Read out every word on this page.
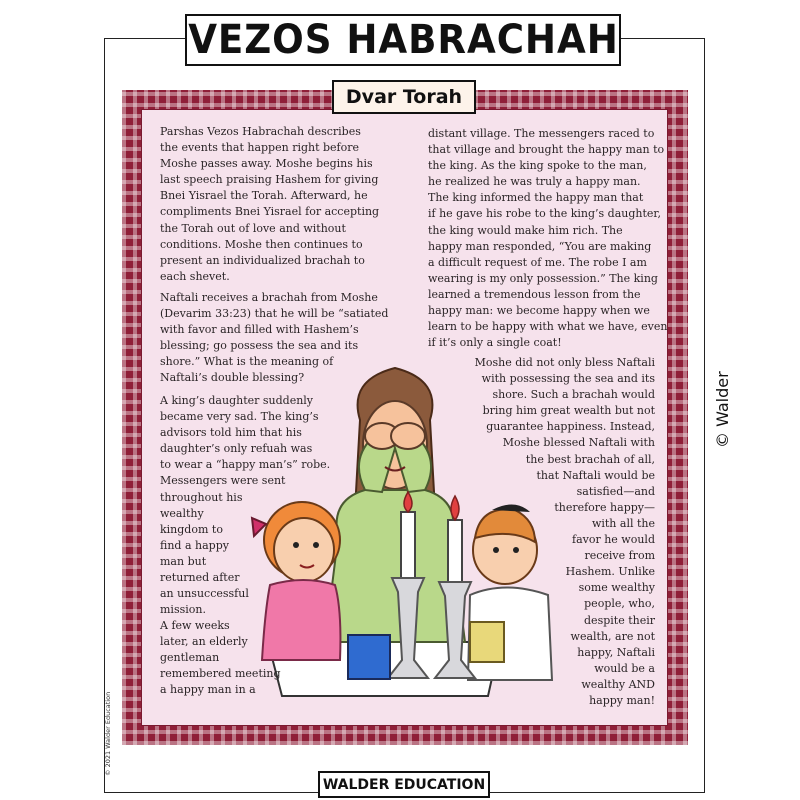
VEZOS HABRACHAH
Dvar Torah
Parshas Vezos Habrachah describes
the events that happen right before
Moshe passes away. Moshe begins his
last speech praising Hashem for giving
Bnei Yisrael the Torah. Afterward, he
compliments Bnei Yisrael for accepting
the Torah out of love and without
conditions. Moshe then continues to
present an individualized brachah to
each shevet.
Naftali receives a brachah from Moshe
(Devarim 33:23) that he will be “satiated
with favor and filled with Hashem’s
blessing; go possess the sea and its
shore.” What is the meaning of
Naftali’s double blessing?
A king’s daughter suddenly
became very sad. The king’s
advisors told him that his
daughter’s only refuah was
to wear a “happy man’s” robe.
Messengers were sent
throughout his
wealthy
kingdom to
find a happy
man but
returned after
an unsuccessful
mission.
A few weeks
later, an elderly
gentleman
remembered meeting
a happy man in a
distant village. The messengers raced to
that village and brought the happy man to
the king. As the king spoke to the man,
he realized he was truly a happy man.
The king informed the happy man that
if he gave his robe to the king’s daughter,
the king would make him rich. The
happy man responded, “You are making
a difficult request of me. The robe I am
wearing is my only possession.” The king
learned a tremendous lesson from the
happy man: we become happy when we
learn to be happy with what we have, even
if it’s only a single coat!
Moshe did not only bless Naftali
with possessing the sea and its
shore. Such a brachah would
bring him great wealth but not
guarantee happiness. Instead,
Moshe blessed Naftali with
the best brachah of all,
that Naftali would be
satisfied—and
therefore happy—
with all the
favor he would
receive from
Hashem. Unlike
some wealthy
people, who,
despite their
wealth, are not
happy, Naftali
would be a
wealthy AND
happy man!
WALDER EDUCATION
© Walder
© 2021 Walder Education
